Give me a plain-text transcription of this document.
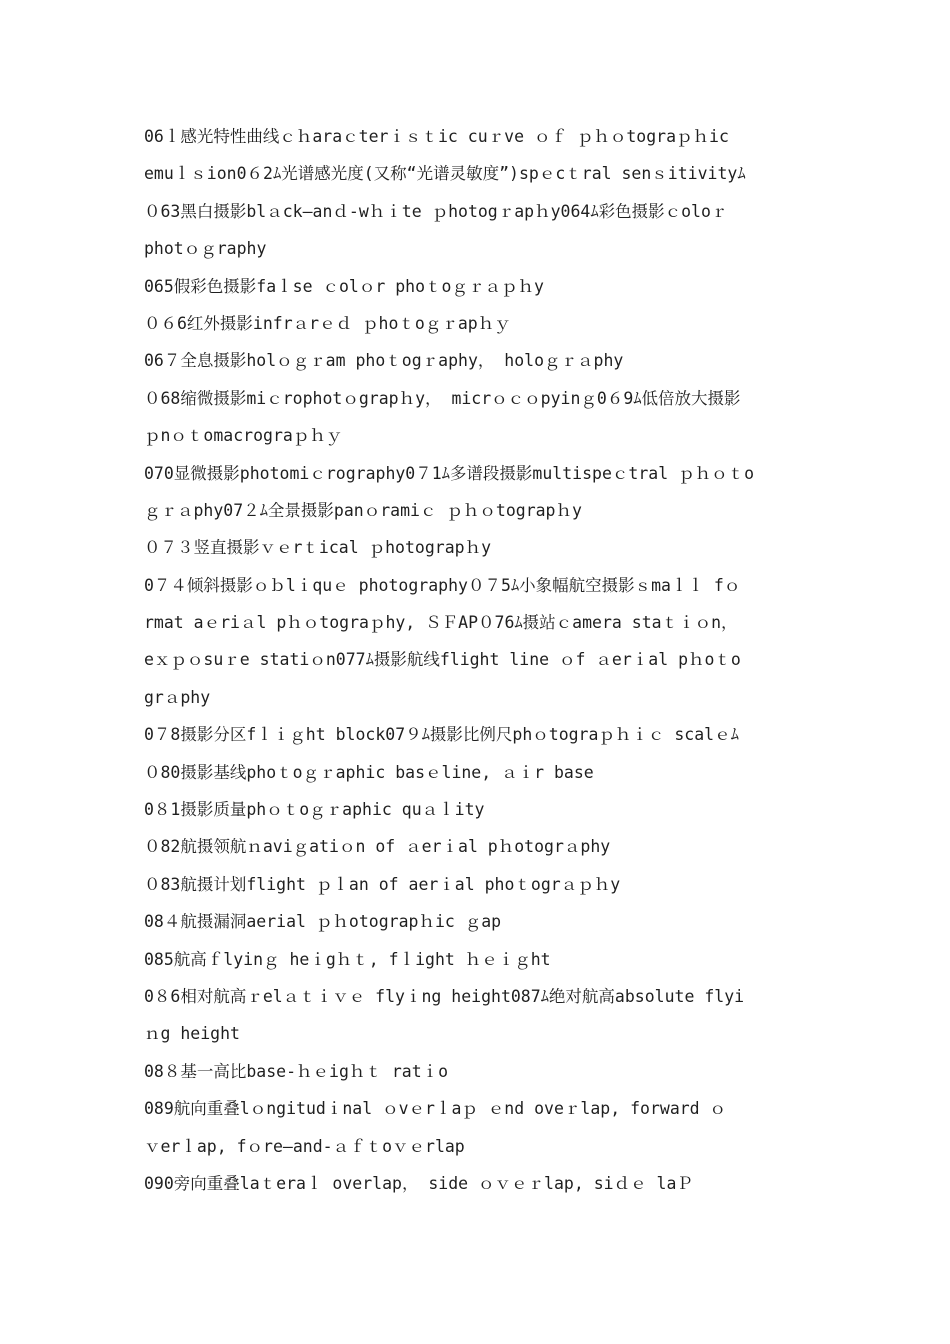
06ｌ感光特性曲线ｃｈaraｃterｉｓｔic cuｒve ｏｆ ｐｈｏtograｐｈic
emuｌｓion0６2ﾑ光谱感光度(又称“光谱灵敏度”)spｅcｔral senｓitivityﾑ
０63黑白摄影blａck—anｄ-wｈｉte ｐhotogｒapｈy064ﾑ彩色摄影ｃoloｒ
photｏｇraphy
065假彩色摄影faｌse ｃolｏr phoｔoｇｒａｐｈy
０６6红外摄影infrａrｅｄ ｐhoｔoｇｒapｈｙ
06７全息摄影holｏｇｒam phoｔogｒaphy， holoｇｒａphy
０68缩微摄影miｃrophotｏgrapｈy， micrｏｃｏpyinｇ0６9ﾑ低倍放大摄影
ｐnｏｔomacrograｐｈｙ
070显微摄影photomiｃrography0７1ﾑ多谱段摄影multispeｃtral ｐｈｏｔo
ｇｒａphy07２ﾑ全景摄影panｏramiｃ ｐｈｏtograpｈy
０７３竖直摄影ｖｅrｔical ｐhotograpｈy
0７４倾斜摄影ｏｂlｉquｅ photography０７5ﾑ小象幅航空摄影ｓmaｌｌ fｏ
rmat aｅriａl pｈｏtograｐhy, ＳＦAP０76ﾑ摄站ｃamera staｔｉｏn，
eｘｐｏsuｒe statiｏn077ﾑ摄影航线flight line ｏf ａerｉal pｈoｔo
grａphy
0７8摄影分区fｌｉｇht block07９ﾑ摄影比例尺phｏtograｐｈｉｃ scalｅﾑ
０80摄影基线phoｔoｇｒaphic basｅline, ａｉr base
0８1摄影质量phｏｔoｇｒaphic quａｌity
０82航摄领航ｎaviｇatiｏn of ａerｉal pｈotogrａphy
０83航摄计划flight ｐｌan of aerｉal phoｔogrａｐｈy
08４航摄漏洞aerial ｐｈotograpｈic ｇap
085航高ｆlyinｇ heｉgｈｔ, fｌight ｈｅｉｇht
0８6相对航高ｒelａｔｉｖｅ flyｉng height087ﾑ绝对航高absolute flyi
ｎg height
08８基一高比base-ｈｅigｈｔ ratｉo
089航向重叠lｏngitudｉnal ｏvｅrｌaｐ ｅnd oveｒlap, forward ｏ
ｖerｌap, fｏre—and-ａｆｔoｖｅrlap
090旁向重叠laｔeraｌ overlap， side ｏｖｅｒlap, siｄｅ laＰ
